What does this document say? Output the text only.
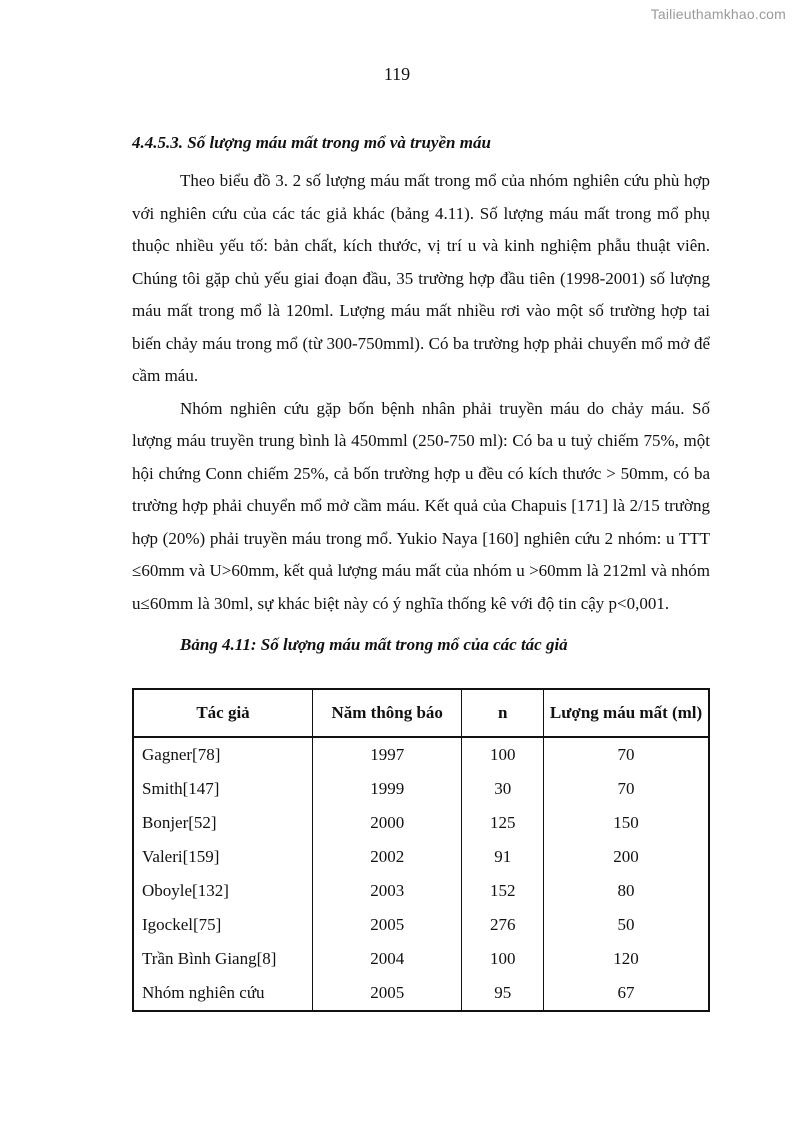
Tailieuthamkhao.com
119

4.4.5.3. Số lượng máu mất trong mổ và truyền máu

Theo biểu đồ 3. 2 số lượng máu mất trong mổ của nhóm nghiên cứu phù hợp với nghiên cứu của các tác giả khác (bảng 4.11). Số lượng máu mất trong mổ phụ thuộc nhiều yếu tố: bản chất, kích thước, vị trí u và kinh nghiệm phẫu thuật viên. Chúng tôi gặp chủ yếu giai đoạn đầu, 35 trường hợp đầu tiên (1998-2001) số lượng máu mất trong mổ là 120ml. Lượng máu mất nhiều rơi vào một số trường hợp tai biến chảy máu trong mổ (từ 300-750mml). Có ba trường hợp phải chuyển mổ mở để cầm máu.

Nhóm nghiên cứu gặp bốn bệnh nhân phải truyền máu do chảy máu. Số lượng máu truyền trung bình là 450mml (250-750 ml): Có ba u tuỷ chiếm 75%, một hội chứng Conn chiếm 25%, cả bốn trường hợp u đều có kích thước > 50mm, có ba trường hợp phải chuyển mổ mở cầm máu. Kết quả của Chapuis [171] là 2/15 trường hợp (20%) phải truyền máu trong mổ. Yukio Naya [160] nghiên cứu 2 nhóm: u TTT ≤60mm và U>60mm, kết quả lượng máu mất của nhóm u >60mm là 212ml và nhóm u≤60mm là 30ml, sự khác biệt này có ý nghĩa thống kê với độ tin cậy p<0,001.

Bảng 4.11: Số lượng máu mất trong mổ của các tác giả

Tác giả	Năm thông báo	n	Lượng máu mất (ml)
Gagner[78]	1997	100	70
Smith[147]	1999	30	70
Bonjer[52]	2000	125	150
Valeri[159]	2002	91	200
Oboyle[132]	2003	152	80
Igockel[75]	2005	276	50
Trần Bình Giang[8]	2004	100	120
Nhóm nghiên cứu	2005	95	67
